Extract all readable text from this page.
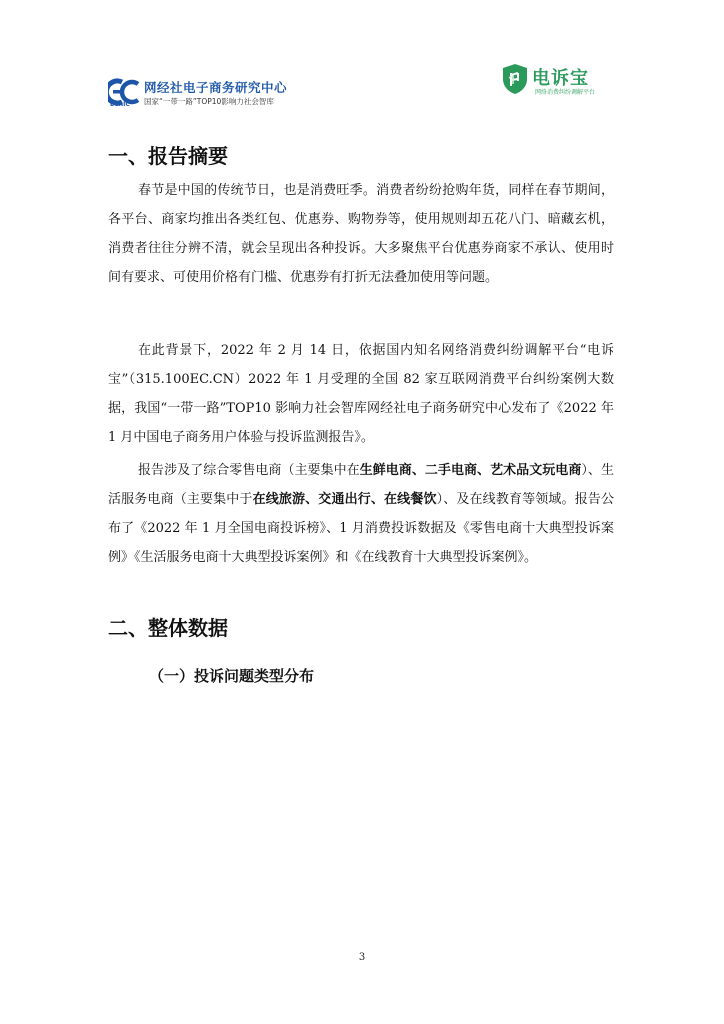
ECRIC
网经社电子商务研究中心
国家“一带一路”TOP10影响力社会智库
电诉宝
网络消费纠纷调解平台
一、报告摘要

春节是中国的传统节日，也是消费旺季。消费者纷纷抢购年货，同样在春节期间，各平台、商家均推出各类红包、优惠券、购物券等，使用规则却五花八门、暗藏玄机，消费者往往分辨不清，就会呈现出各种投诉。大多聚焦平台优惠券商家不承认、使用时间有要求、可使用价格有门槛、优惠券有打折无法叠加使用等问题。

在此背景下，2022 年 2 月 14 日，依据国内知名网络消费纠纷调解平台“电诉宝”（315.100EC.CN）2022 年 1 月受理的全国 82 家互联网消费平台纠纷案例大数据，我国“一带一路”TOP10 影响力社会智库网经社电子商务研究中心发布了《2022 年 1 月中国电子商务用户体验与投诉监测报告》。

报告涉及了综合零售电商（主要集中在生鲜电商、二手电商、艺术品文玩电商）、生活服务电商（主要集中于在线旅游、交通出行、在线餐饮）、及在线教育等领域。报告公布了《2022 年 1 月全国电商投诉榜》、1 月消费投诉数据及《零售电商十大典型投诉案例》《生活服务电商十大典型投诉案例》和《在线教育十大典型投诉案例》。

二、整体数据
（一）投诉问题类型分布
3
